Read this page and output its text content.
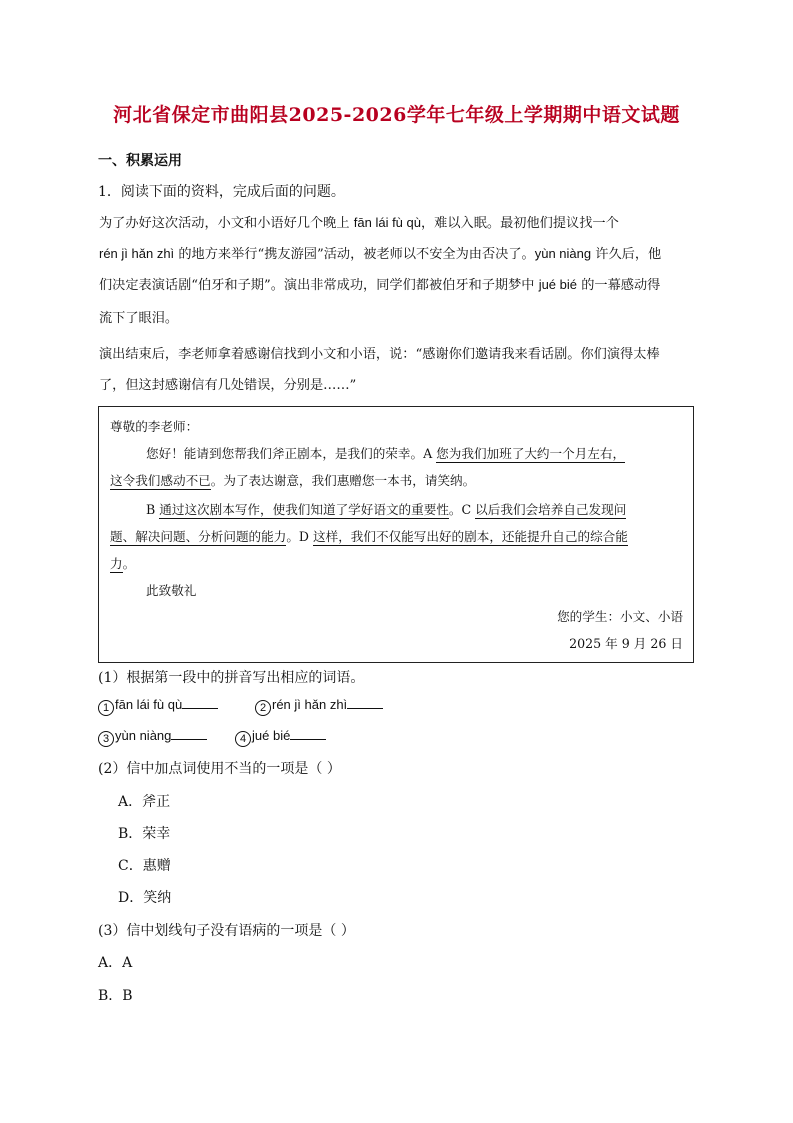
河北省保定市曲阳县2025-2026学年七年级上学期期中语文试题
一、积累运用
1．阅读下面的资料，完成后面的问题。
为了办好这次活动，小文和小语好几个晚上 fān lái fù qù，难以入眠。最初他们提议找一个
rén jì hǎn zhì 的地方来举行“携友游园”活动，被老师以不安全为由否决了。yùn niàng 许久后，他
们决定表演话剧“伯牙和子期”。演出非常成功，同学们都被伯牙和子期梦中 jué bié 的一幕感动得
流下了眼泪。
演出结束后，李老师拿着感谢信找到小文和小语，说：“感谢你们邀请我来看话剧。你们演得太棒
了，但这封感谢信有几处错误，分别是……”
尊敬的李老师：
您好！能请到您帮我们斧正剧本，是我们的荣幸。A 您为我们加班了大约一个月左右，
这令我们感动不已。为了表达谢意，我们惠赠您一本书，请笑纳。
B 通过这次剧本写作，使我们知道了学好语文的重要性。C 以后我们会培养自己发现问
题、解决问题、分析问题的能力。D 这样，我们不仅能写出好的剧本，还能提升自己的综合能
力。
此致敬礼
您的学生：小文、小语
2025 年 9 月 26 日
(1）根据第一段中的拼音写出相应的词语。
1 fān lái fù qù	2 rén jì hǎn zhì
3 yùn niàng	4 jué bié
(2）信中加点词使用不当的一项是（ ）
A．斧正
B．荣幸
C．惠赠
D．笑纳
(3）信中划线句子没有语病的一项是（ ）
A．A
B．B
